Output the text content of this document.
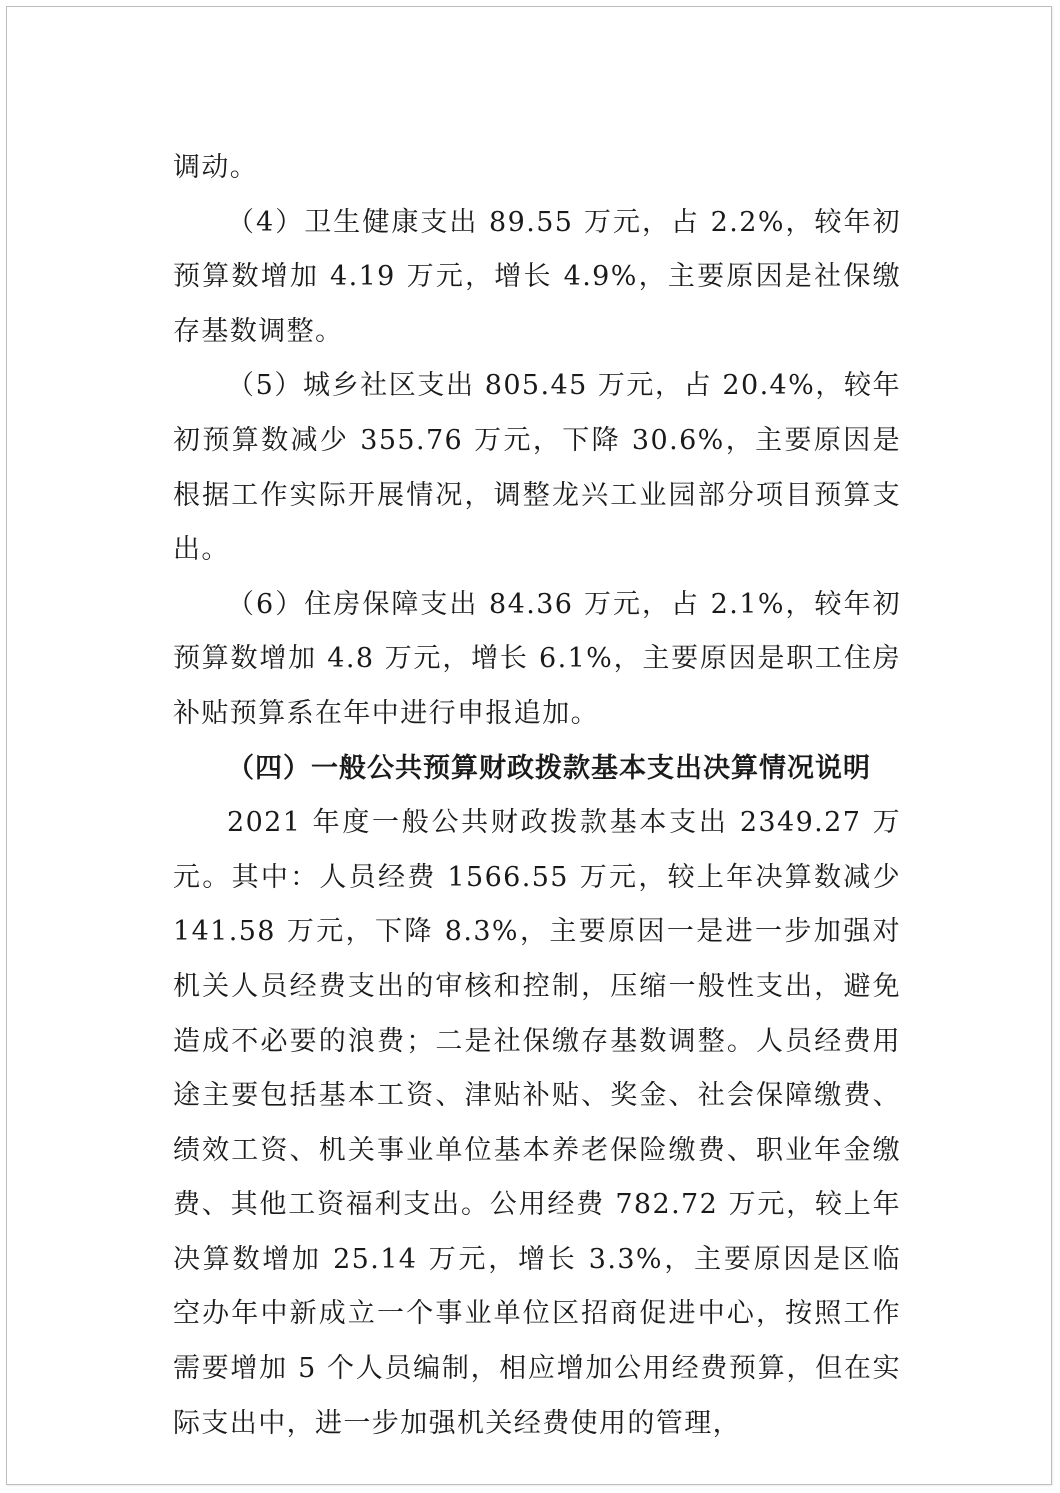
调动。

（4）卫生健康支出 89.55 万元，占 2.2%，较年初预算数增加 4.19 万元，增长 4.9%，主要原因是社保缴存基数调整。

（5）城乡社区支出 805.45 万元，占 20.4%，较年初预算数减少 355.76 万元，下降 30.6%，主要原因是根据工作实际开展情况，调整龙兴工业园部分项目预算支出。

（6）住房保障支出 84.36 万元，占 2.1%，较年初预算数增加 4.8 万元，增长 6.1%，主要原因是职工住房补贴预算系在年中进行申报追加。

（四）一般公共预算财政拨款基本支出决算情况说明

2021 年度一般公共财政拨款基本支出 2349.27 万元。其中：人员经费 1566.55 万元，较上年决算数减少 141.58 万元，下降 8.3%，主要原因一是进一步加强对机关人员经费支出的审核和控制，压缩一般性支出，避免造成不必要的浪费；二是社保缴存基数调整。人员经费用途主要包括基本工资、津贴补贴、奖金、社会保障缴费、绩效工资、机关事业单位基本养老保险缴费、职业年金缴费、其他工资福利支出。公用经费 782.72 万元，较上年决算数增加 25.14 万元，增长 3.3%，主要原因是区临空办年中新成立一个事业单位区招商促进中心，按照工作需要增加 5 个人员编制，相应增加公用经费预算，但在实际支出中，进一步加强机关经费使用的管理，
